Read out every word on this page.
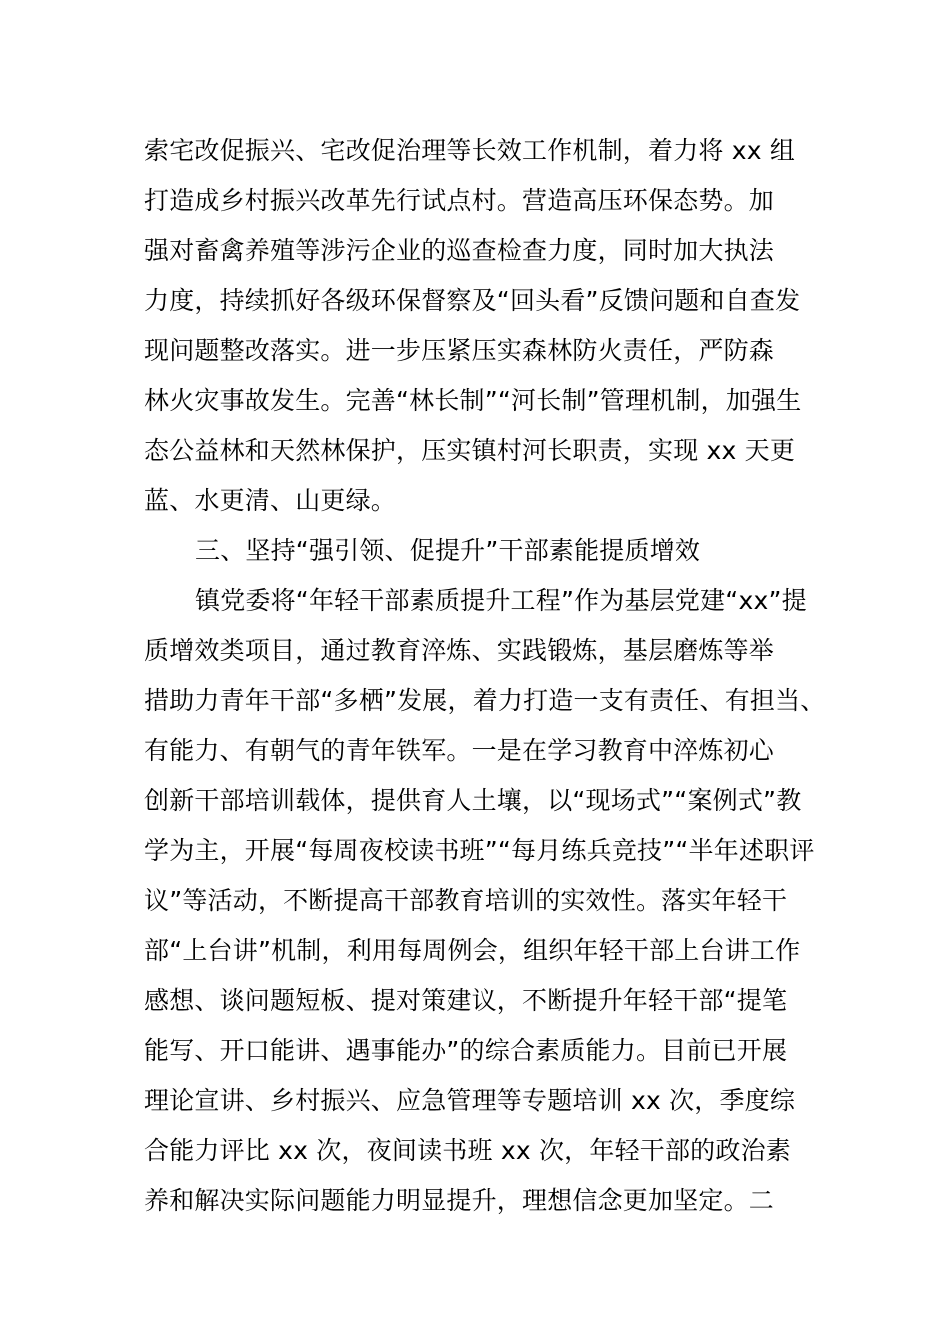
索宅改促振兴、宅改促治理等长效工作机制，着力将 xx 组
打造成乡村振兴改革先行试点村。营造高压环保态势。加
强对畜禽养殖等涉污企业的巡查检查力度，同时加大执法
力度，持续抓好各级环保督察及“回头看”反馈问题和自查发
现问题整改落实。进一步压紧压实森林防火责任，严防森
林火灾事故发生。完善“林长制”“河长制”管理机制，加强生
态公益林和天然林保护，压实镇村河长职责，实现 xx 天更
蓝、水更清、山更绿。
三、坚持“强引领、促提升”干部素能提质增效
镇党委将“年轻干部素质提升工程”作为基层党建“xx”提
质增效类项目，通过教育淬炼、实践锻炼，基层磨炼等举
措助力青年干部“多栖”发展，着力打造一支有责任、有担当、
有能力、有朝气的青年铁军。一是在学习教育中淬炼初心
创新干部培训载体，提供育人土壤，以“现场式”“案例式”教
学为主，开展“每周夜校读书班”“每月练兵竞技”“半年述职评
议”等活动，不断提高干部教育培训的实效性。落实年轻干
部“上台讲”机制，利用每周例会，组织年轻干部上台讲工作
感想、谈问题短板、提对策建议，不断提升年轻干部“提笔
能写、开口能讲、遇事能办”的综合素质能力。目前已开展
理论宣讲、乡村振兴、应急管理等专题培训 xx 次，季度综
合能力评比 xx 次，夜间读书班 xx 次，年轻干部的政治素
养和解决实际问题能力明显提升，理想信念更加坚定。二
